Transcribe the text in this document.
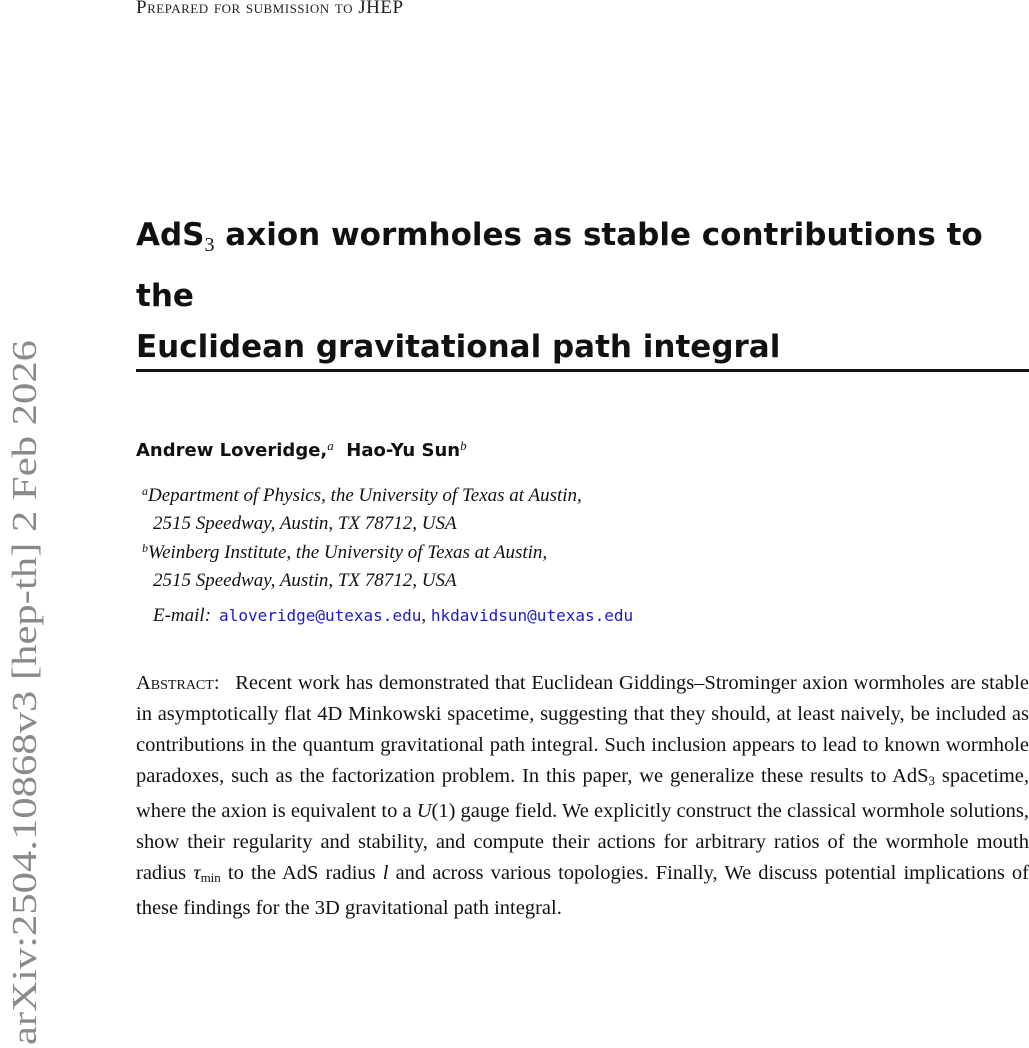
arXiv:2504.10868v3 [hep-th] 2 Feb 2026
Prepared for submission to JHEP
AdS$_3$ axion wormholes as stable contributions to the
Euclidean gravitational path integral
Andrew Loveridge,$^a$ Hao-Yu Sun$^b$
$^a$Department of Physics, the University of Texas at Austin,
2515 Speedway, Austin, TX 78712, USA
$^b$Weinberg Institute, the University of Texas at Austin,
2515 Speedway, Austin, TX 78712, USA
E-mail: aloveridge@utexas.edu, hkdavidsun@utexas.edu
Abstract: Recent work has demonstrated that Euclidean Giddings–Strominger axion wormholes are stable in asymptotically flat 4D Minkowski spacetime, suggesting that they should, at least naively, be included as contributions in the quantum gravitational path integral. Such inclusion appears to lead to known wormhole paradoxes, such as the factorization problem. In this paper, we generalize these results to AdS$_3$ spacetime, where the axion is equivalent to a U(1) gauge field. We explicitly construct the classical wormhole solutions, show their regularity and stability, and compute their actions for arbitrary ratios of the wormhole mouth radius $\tau_{min}$ to the AdS radius l and across various topologies. Finally, We discuss potential implications of these findings for the 3D gravitational path integral.
